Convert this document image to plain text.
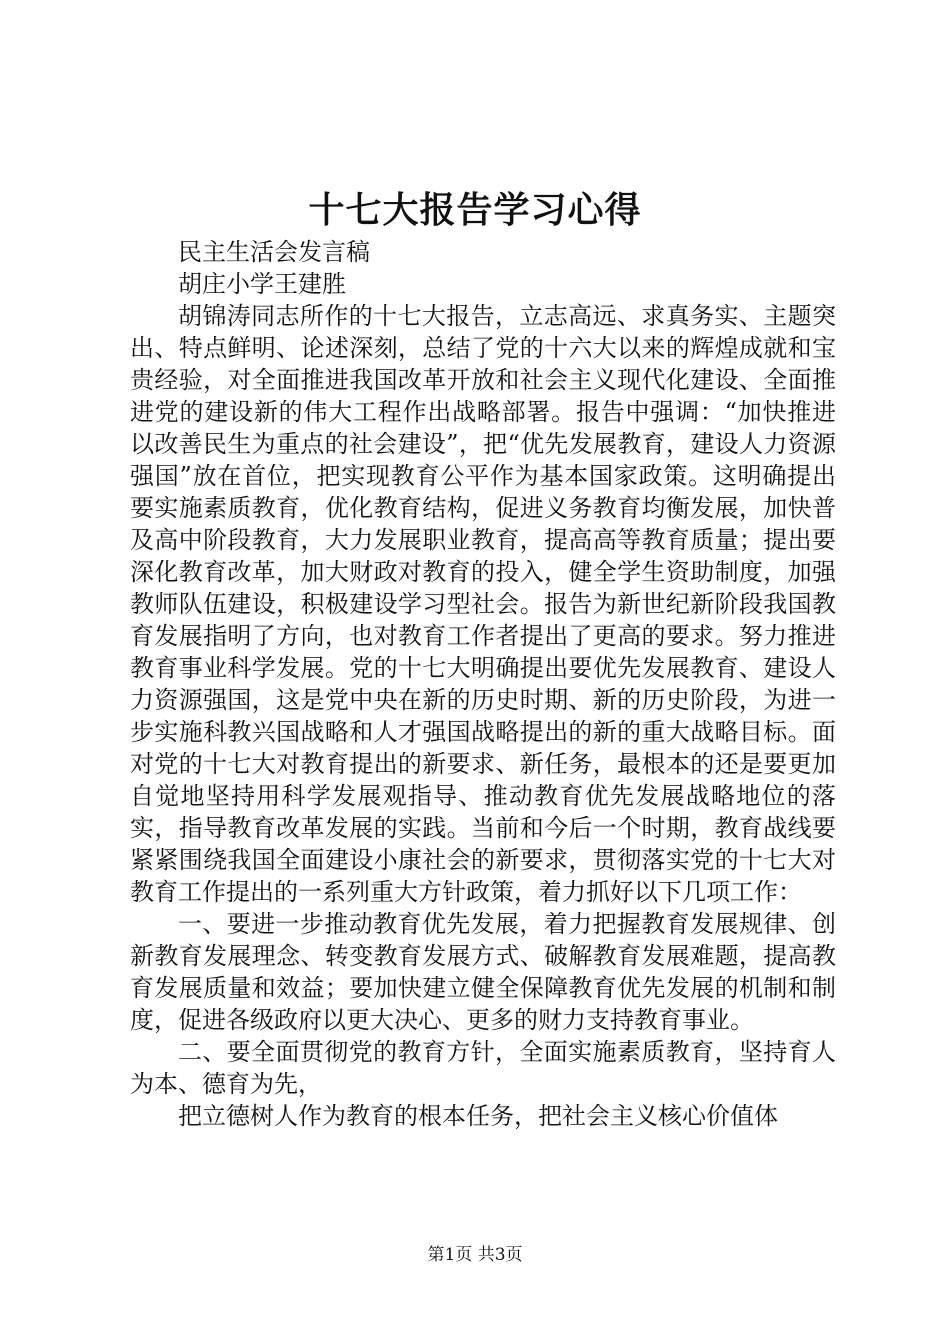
十七大报告学习心得

民主生活会发言稿

胡庄小学王建胜

胡锦涛同志所作的十七大报告，立志高远、求真务实、主题突出、特点鲜明、论述深刻，总结了党的十六大以来的辉煌成就和宝贵经验，对全面推进我国改革开放和社会主义现代化建设、全面推进党的建设新的伟大工程作出战略部署。报告中强调：“加快推进以改善民生为重点的社会建设”，把“优先发展教育，建设人力资源强国”放在首位，把实现教育公平作为基本国家政策。这明确提出要实施素质教育，优化教育结构，促进义务教育均衡发展，加快普及高中阶段教育，大力发展职业教育，提高高等教育质量；提出要深化教育改革，加大财政对教育的投入，健全学生资助制度，加强教师队伍建设，积极建设学习型社会。报告为新世纪新阶段我国教育发展指明了方向，也对教育工作者提出了更高的要求。努力推进教育事业科学发展。党的十七大明确提出要优先发展教育、建设人力资源强国，这是党中央在新的历史时期、新的历史阶段，为进一步实施科教兴国战略和人才强国战略提出的新的重大战略目标。面对党的十七大对教育提出的新要求、新任务，最根本的还是要更加自觉地坚持用科学发展观指导、推动教育优先发展战略地位的落实，指导教育改革发展的实践。当前和今后一个时期，教育战线要紧紧围绕我国全面建设小康社会的新要求，贯彻落实党的十七大对教育工作提出的一系列重大方针政策，着力抓好以下几项工作：

一、要进一步推动教育优先发展，着力把握教育发展规律、创新教育发展理念、转变教育发展方式、破解教育发展难题，提高教育发展质量和效益；要加快建立健全保障教育优先发展的机制和制度，促进各级政府以更大决心、更多的财力支持教育事业。

二、要全面贯彻党的教育方针，全面实施素质教育，坚持育人为本、德育为先，

把立德树人作为教育的根本任务，把社会主义核心价值体

第1页 共3页
